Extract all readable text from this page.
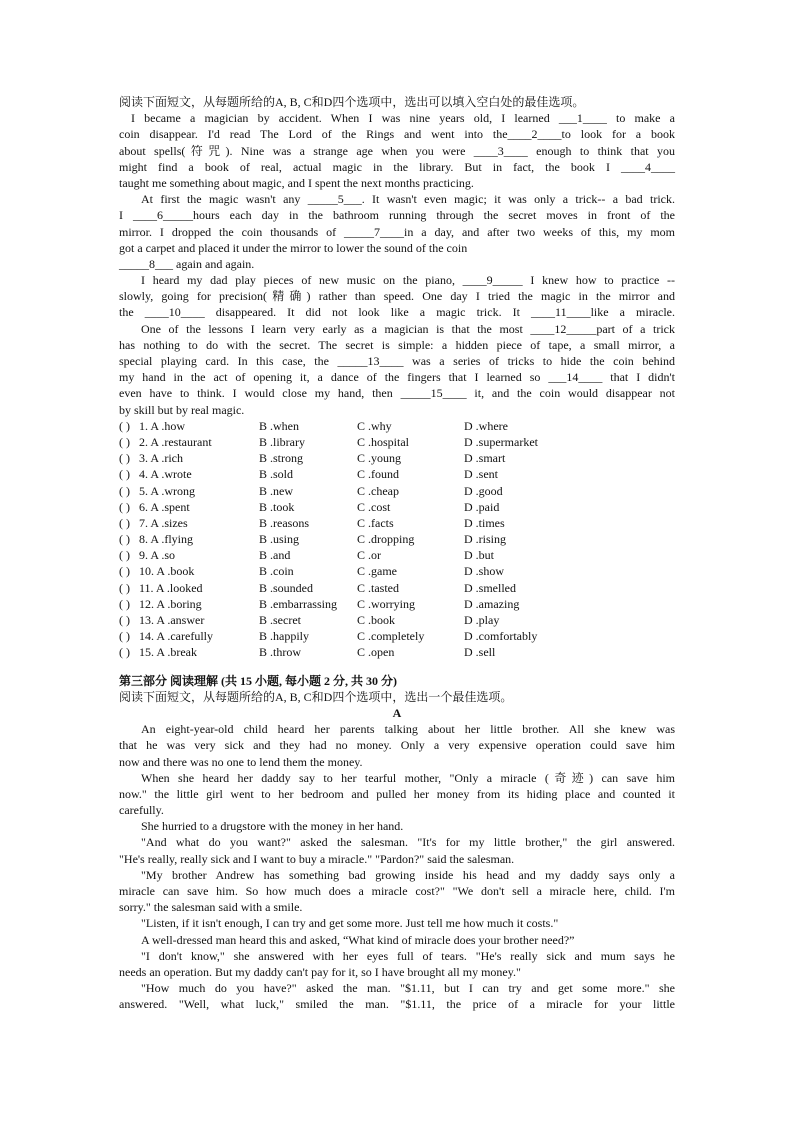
阅读下面短文，从每题所给的A, B, C和D四个选项中，选出可以填入空白处的最佳选项。
I became a magician by accident. When I was nine years old, I learned ___1____ to make a
coin disappear. I'd read The Lord of the Rings and went into the____2____to look for a book
about spells(符咒). Nine was a strange age when you were ____3____ enough to think that you
might find a book of real, actual magic in the library. But in fact, the book I ____4____
taught me something about magic, and I spent the next months practicing.
At first the magic wasn't any _____5___. It wasn't even magic; it was only a trick-- a bad trick.
I ____6_____hours each day in the bathroom running through the secret moves in front of the
mirror. I dropped the coin thousands of _____7____in a day, and after two weeks of this, my mom
got a carpet and placed it under the mirror to lower the sound of the coin
_____8___ again and again.
I heard my dad play pieces of new music on the piano, ____9_____ I knew how to practice --
slowly, going for precision(精确) rather than speed. One day I tried the magic in the mirror and
the ____10____ disappeared. It did not look like a magic trick. It ____11____like a miracle.
One of the lessons I learn very early as a magician is that the most ____12_____part of a trick
has nothing to do with the secret. The secret is simple: a hidden piece of tape, a small mirror, a
special playing card. In this case, the _____13____ was a series of tricks to hide the coin behind
my hand in the act of opening it, a dance of the fingers that I learned so ___14____ that I didn't
even have to think. I would close my hand, then _____15____ it, and the coin would disappear not
by skill but by real magic.
( ) 1. A .how	B .when	C .why	D .where
( ) 2. A .restaurant	B .library	C .hospital	D .supermarket
( ) 3. A .rich	B .strong	C .young	D .smart
( ) 4. A .wrote	B .sold	C .found	D .sent
( ) 5. A .wrong	B .new	C .cheap	D .good
( ) 6. A .spent	B .took	C .cost	D .paid
( ) 7. A .sizes	B .reasons	C .facts	D .times
( ) 8. A .flying	B .using	C .dropping	D .rising
( ) 9. A .so	B .and	C .or	D .but
( ) 10. A .book	B .coin	C .game	D .show
( ) 11. A .looked	B .sounded	C .tasted	D .smelled
( ) 12. A .boring	B .embarrassing C .worrying	D .amazing
( ) 13. A .answer	B .secret	C .book	D .play
( ) 14. A .carefully	B .happily	C .completely	D .comfortably
( ) 15. A .break	B .throw	C .open	D .sell
第三部分 阅读理解 (共 15 小题, 每小题 2 分, 共 30 分)
阅读下面短文，从每题所给的A, B, C和D四个选项中，选出一个最佳选项。
A
An eight-year-old child heard her parents talking about her little brother. All she knew was
that he was very sick and they had no money. Only a very expensive operation could save him
now and there was no one to lend them the money.
When she heard her daddy say to her tearful mother, "Only a miracle (奇迹) can save him
now." the little girl went to her bedroom and pulled her money from its hiding place and counted it
carefully.
She hurried to a drugstore with the money in her hand.
"And what do you want?" asked the salesman. "It's for my little brother," the girl answered.
"He's really, really sick and I want to buy a miracle." "Pardon?" said the salesman.
"My brother Andrew has something bad growing inside his head and my daddy says only a
miracle can save him. So how much does a miracle cost?" "We don't sell a miracle here, child. I'm
sorry." the salesman said with a smile.
"Listen, if it isn't enough, I can try and get some more. Just tell me how much it costs."
A well-dressed man heard this and asked, “What kind of miracle does your brother need?”
"I don't know," she answered with her eyes full of tears. "He's really sick and mum says he
needs an operation. But my daddy can't pay for it, so I have brought all my money."
"How much do you have?" asked the man. "$1.11, but I can try and get some more." she
answered. "Well, what luck," smiled the man. "$1.11, the price of a miracle for your little
